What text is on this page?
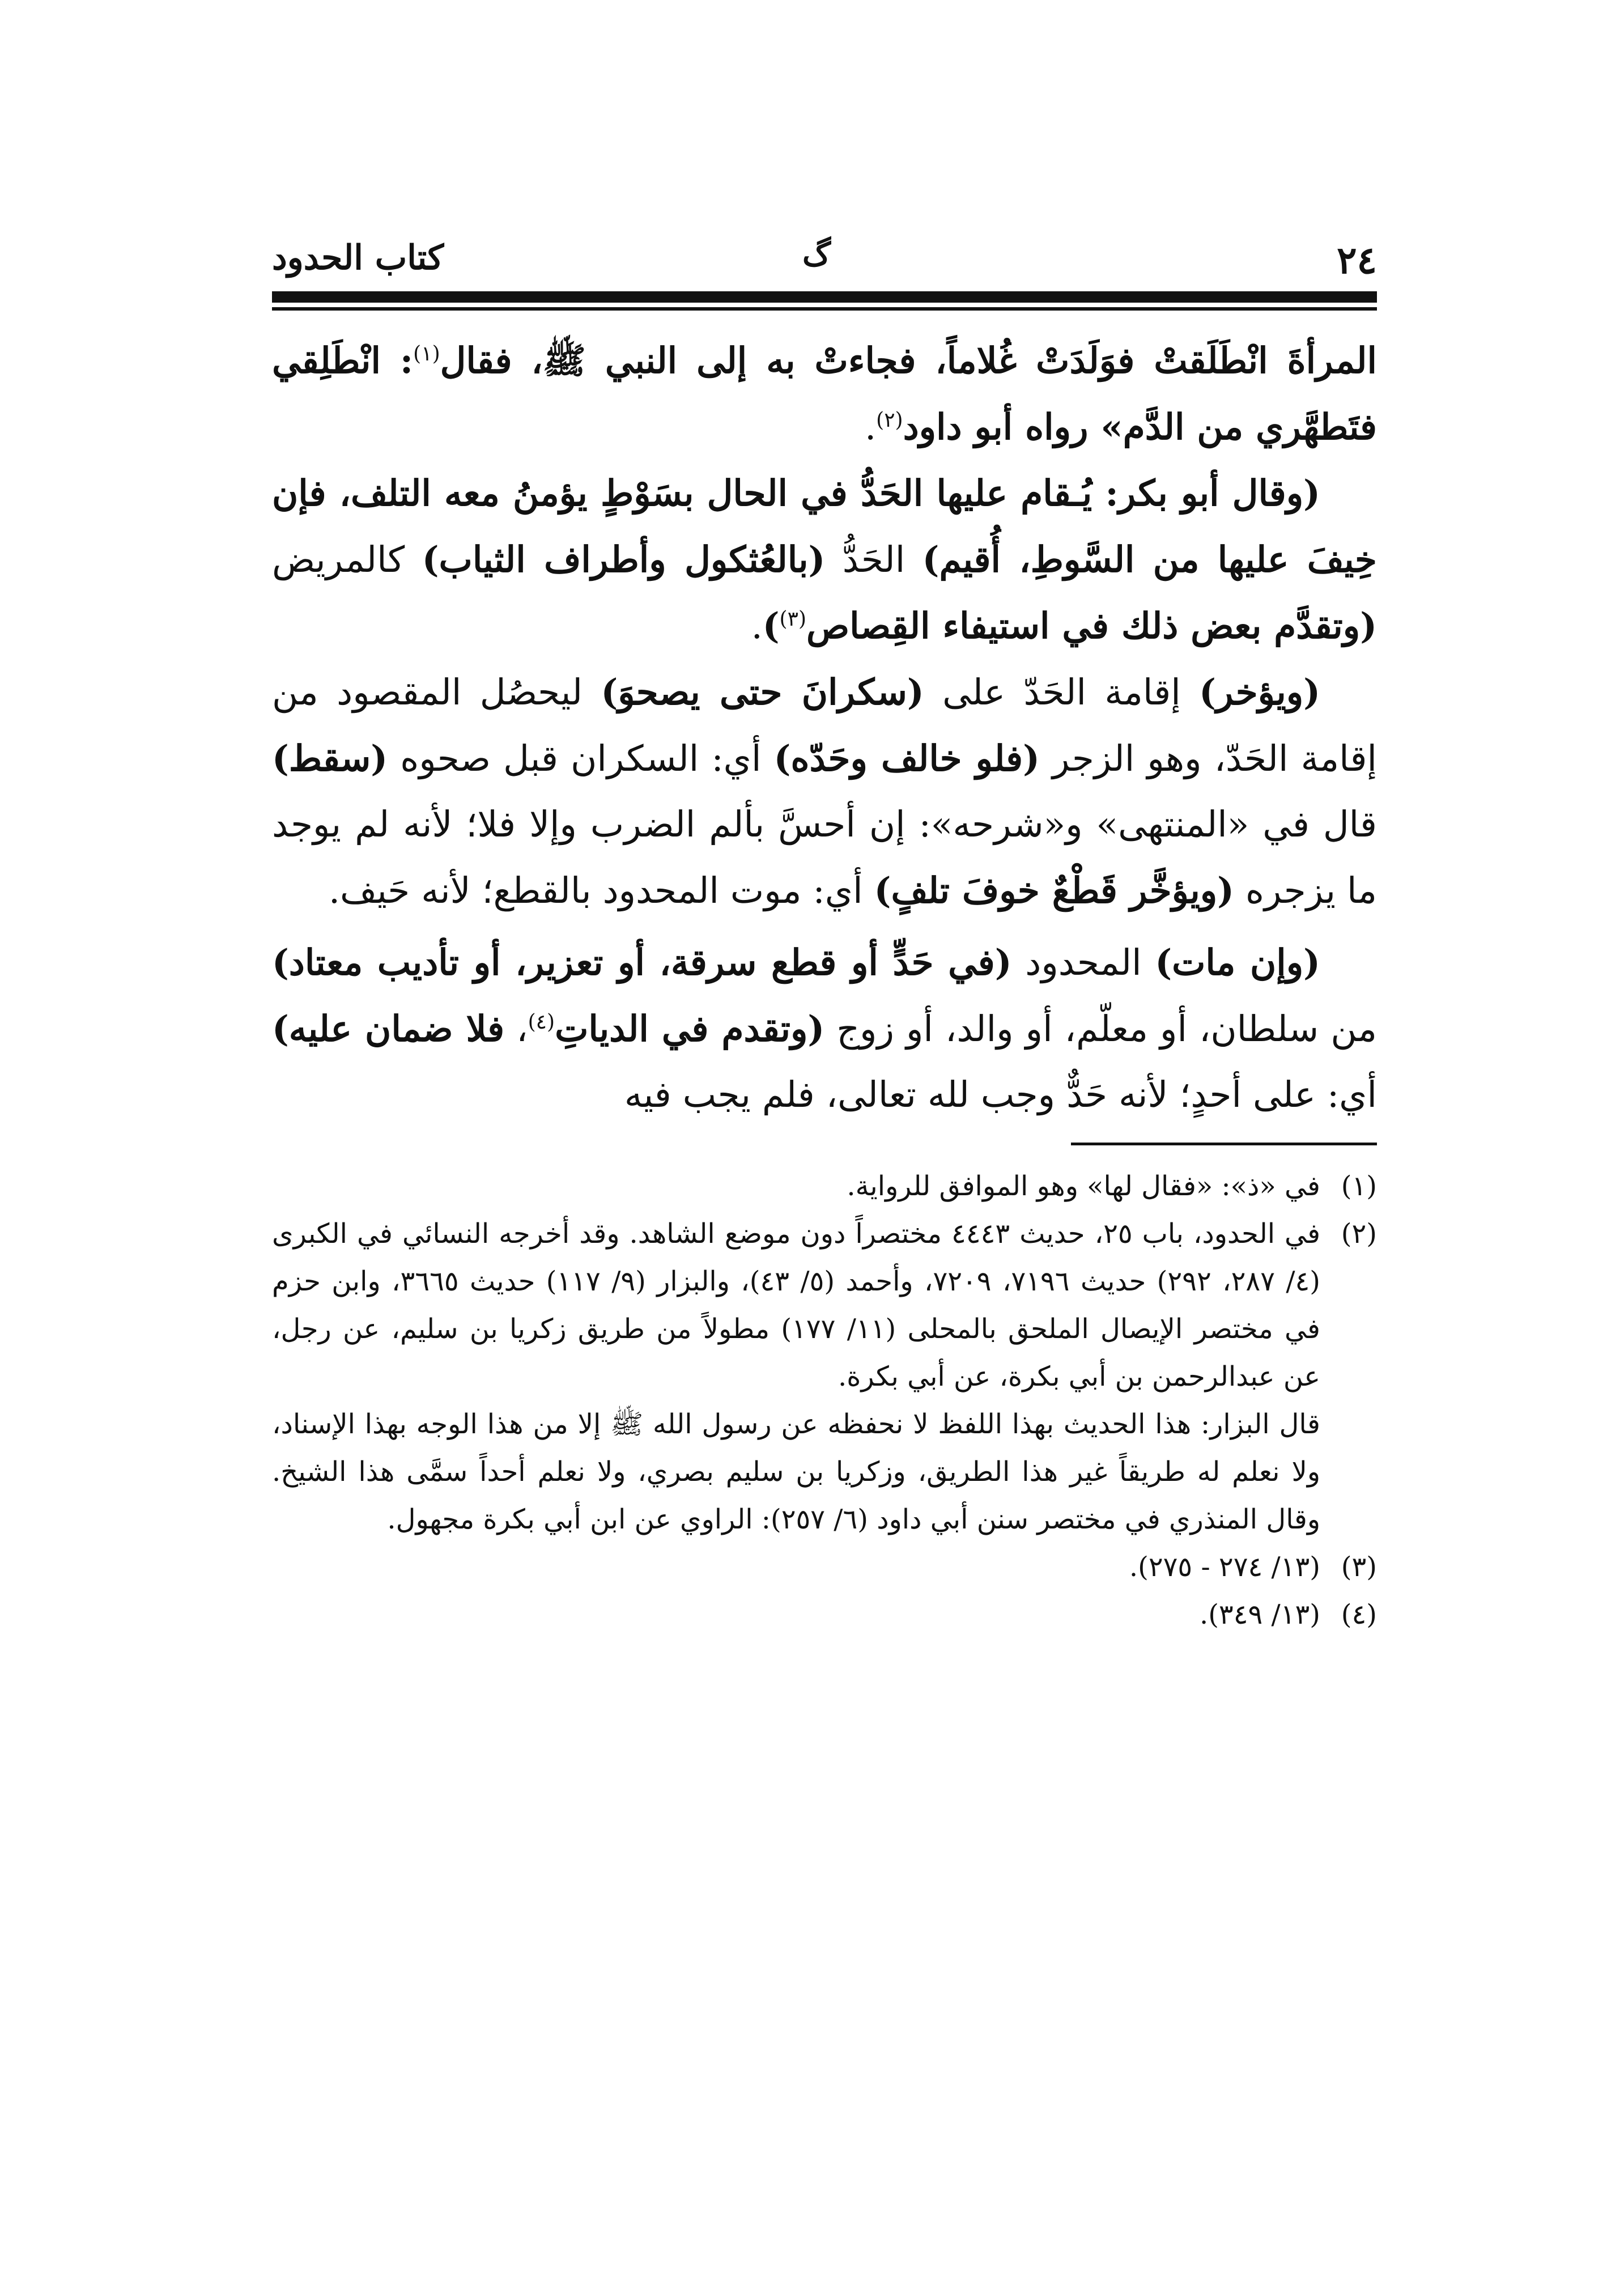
٢٤
ﮒ
كتاب الحدود

المرأةَ انْطَلَقتْ فوَلَدَتْ غُلاماً، فجاءتْ به إلى النبي ﷺ، فقال$^{(١)}$: انْطَلِقي فتَطهَّري من الدَّم» رواه أبو داود$^{(٢)}$.

(وقال أبو بكر: يُـقام عليها الحَدُّ في الحال بسَوْطٍ يؤمنُ معه التلف، فإن خِيفَ عليها من السَّوطِ، أُقيم) الحَدُّ (بالعُثكول وأطراف الثياب) كالمريض (وتقدَّم بعض ذلك في استيفاء القِصاص$^{(٣)}$).

(ويؤخر) إقامة الحَدّ على (سكرانَ حتى يصحوَ) ليحصُل المقصود من إقامة الحَدّ، وهو الزجر (فلو خالف وحَدّه) أي: السكران قبل صحوه (سقط) قال في «المنتهى» و«شرحه»: إن أحسَّ بألم الضرب وإلا فلا؛ لأنه لم يوجد ما يزجره (ويؤخَّر قَطْعٌ خوفَ تلفٍ) أي: موت المحدود بالقطع؛ لأنه حَيف.

(وإن مات) المحدود (في حَدٍّ أو قطع سرقة، أو تعزير، أو تأديب معتاد) من سلطان، أو معلّم، أو والد، أو زوج (وتقدم في الدياتِ$^{(٤)}$، فلا ضمان عليه) أي: على أحدٍ؛ لأنه حَدٌّ وجب لله تعالى، فلم يجب فيه

(١)
في «ذ»: «فقال لها» وهو الموافق للرواية.
(٢)
في الحدود، باب ٢٥، حديث ٤٤٤٣ مختصراً دون موضع الشاهد. وقد أخرجه النسائي في الكبرى (٤/ ٢٨٧، ٢٩٢) حديث ٧١٩٦، ٧٢٠٩، وأحمد (٥/ ٤٣)، والبزار (٩/ ١١٧) حديث ٣٦٦٥، وابن حزم في مختصر الإيصال الملحق بالمحلى (١١/ ١٧٧) مطولاً من طريق زكريا بن سليم، عن رجل، عن عبدالرحمن بن أبي بكرة، عن أبي بكرة.

قال البزار: هذا الحديث بهذا اللفظ لا نحفظه عن رسول الله ﷺ إلا من هذا الوجه بهذا الإسناد، ولا نعلم له طريقاً غير هذا الطريق، وزكريا بن سليم بصري، ولا نعلم أحداً سمَّى هذا الشيخ. وقال المنذري في مختصر سنن أبي داود (٦/ ٢٥٧): الراوي عن ابن أبي بكرة مجهول.

(٣)
(١٣/ ٢٧٤ - ٢٧٥).
(٤)
(١٣/ ٣٤٩).
